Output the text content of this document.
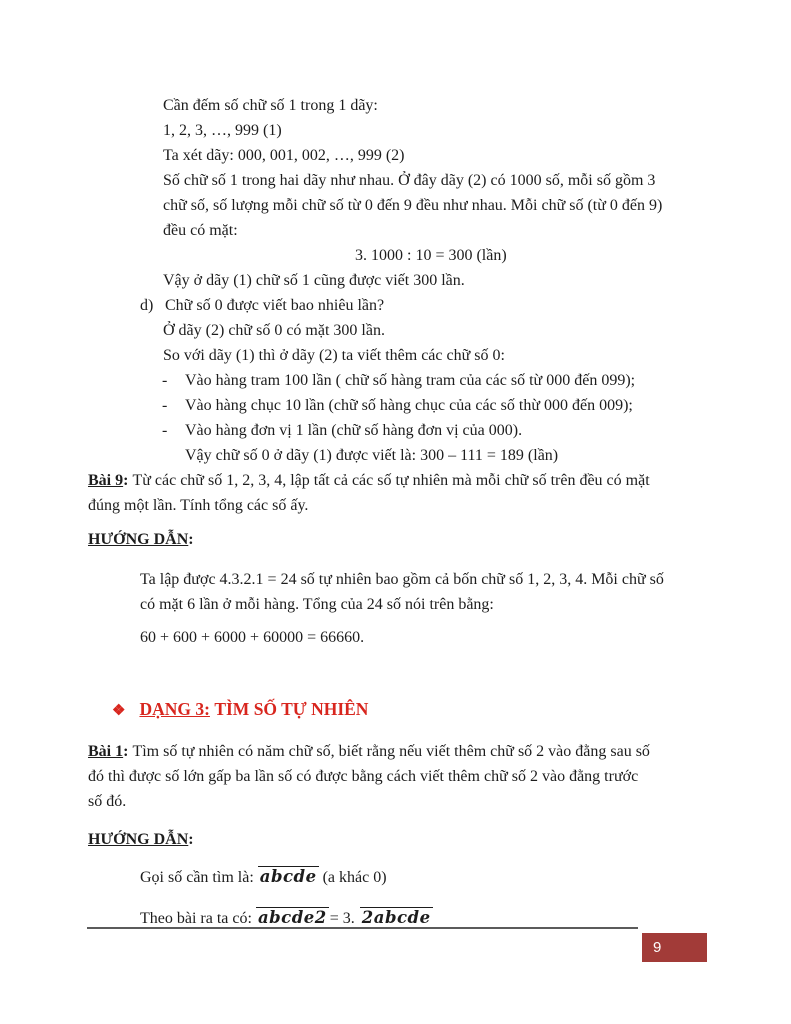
Cần đếm số chữ số 1 trong 1 dãy:
1, 2, 3, …, 999 (1)
Ta xét dãy: 000, 001, 002, …, 999 (2)
Số chữ số 1 trong hai dãy như nhau. Ở đây dãy (2) có 1000 số, mỗi số gồm 3
chữ số, số lượng mỗi chữ số từ 0 đến 9 đều như nhau. Mỗi chữ số (từ 0 đến 9)
đều có mặt:
3. 1000 : 10 = 300 (lần)
Vậy ở dãy (1) chữ số 1 cũng được viết 300 lần.
d) Chữ số 0 được viết bao nhiêu lần?
Ở dãy (2) chữ số 0 có mặt 300 lần.
So với dãy (1) thì ở dãy (2) ta viết thêm các chữ số 0:
-	Vào hàng tram 100 lần ( chữ số hàng tram của các số từ 000 đến 099);
-	Vào hàng chục 10 lần (chữ số hàng chục của các số thừ 000 đến 009);
-	Vào hàng đơn vị 1 lần (chữ số hàng đơn vị của 000).
Vậy chữ số 0 ở dãy (1) được viết là: 300 – 111 = 189 (lần)
Bài 9: Từ các chữ số 1, 2, 3, 4, lập tất cả các số tự nhiên mà mỗi chữ số trên đều có mặt
đúng một lần. Tính tổng các số ấy.
HƯỚNG DẪN:
Ta lập được 4.3.2.1 = 24 số tự nhiên bao gồm cả bốn chữ số 1, 2, 3, 4. Mỗi chữ số
có mặt 6 lần ở mỗi hàng. Tổng của 24 số nói trên bằng:
60 + 600 + 6000 + 60000 = 66660.
❖ DẠNG 3: TÌM SỐ TỰ NHIÊN
Bài 1: Tìm số tự nhiên có năm chữ số, biết rằng nếu viết thêm chữ số 2 vào đằng sau số
đó thì được số lớn gấp ba lần số có được bằng cách viết thêm chữ số 2 vào đằng trước
số đó.
HƯỚNG DẪN:
Gọi số cần tìm là: abcde (a khác 0)
Theo bài ra ta có: abcde2 = 3. 2abcde
9
